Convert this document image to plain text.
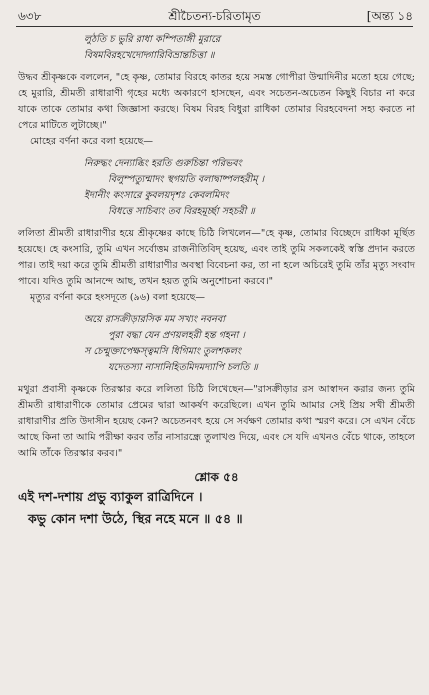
৬৩৮	শ্রীচৈতন্য-চরিতামৃত	[অন্ত্য ১৪

লুঠতি চ ভুরি রাধা কম্পিতাঙ্গী মুরারে

বিষমবিরহখেদোদ্গারিবিভ্রান্তচিত্তা ॥

উদ্ধব শ্রীকৃষ্ণকে বললেন, "হে কৃষ্ণ, তোমার বিরহে কাতর হয়ে সমস্ত গোপীরা উন্মাদিনীর মতো হয়ে গেছে; হে মুরারি, শ্রীমতী রাধারাণী গৃহের মধ্যে অকারণে হাসছেন, এবং সচেতন-অচেতন কিছুই বিচার না করে যাকে তাকে তোমার কথা জিজ্ঞাসা করছে। বিষম বিরহ বিধুরা রাধিকা তোমার বিরহবেদনা সহ্য করতে না পেরে মাটিতে লুটাচ্ছে।"

মোহের বর্ণনা করে বলা হয়েছে—

নিরুদ্ধং দেন্যাব্ধিং হরতি গুরুচিন্তা পরিভবং

বিলুম্পত্যুন্মাদং স্থগয়তি বলাদ্বাষ্পলহরীম্ ।

ইদানীং কংসারে কুবলয়দৃশঃ কেবলমিদং

বিধত্তে সাচিব্যং তব বিরহমূর্চ্ছা সহচরী ॥

ললিতা শ্রীমতী রাধারাণীর হয়ে শ্রীকৃষ্ণের কাছে চিঠি লিখলেন—"হে কৃষ্ণ, তোমার বিচ্ছেদে রাধিকা মূর্ছিত হয়েছে। হে কংসারি, তুমি এখন সর্বোত্তম রাজনীতিবিদ্ হয়েছ, এবং তাই তুমি সকলকেই স্বস্তি প্রদান করতে পার। তাই দয়া করে তুমি শ্রীমতী রাধারাণীর অবস্থা বিবেচনা কর, তা না হলে অচিরেই তুমি তাঁর মৃত্যু সংবাদ পাবে। যদিও তুমি আনন্দে আছ, তখন হয়ত তুমি অনুশোচনা করবে।"

মৃত্যুর বর্ণনা করে হংসদূতে (৯৬) বলা হয়েছে—

অয়ে রাসক্রীড়ারসিক মম সখ্যং নবনবা

পুরা বদ্ধা যেন প্রণয়লহরী হন্ত গহনা ।

স চেন্মুক্তাপেক্ষস্ত্বমসি ধিগিমাং তুলশকলং

যদেতস্যা নাসানিহিতমিদমদ্যাপি চলতি ॥

মথুরা প্রবাসী কৃষ্ণকে তিরস্কার করে ললিতা চিঠি লিখেছেন—"রাসক্রীড়ার রস আস্বাদন করার জন্য তুমি শ্রীমতী রাধারাণীকে তোমার প্রেমের দ্বারা আকর্ষণ করেছিলে। এখন তুমি আমার সেই প্রিয় সখী শ্রীমতী রাধারাণীর প্রতি উদাসীন হয়েছ কেন? অচেতনবৎ হয়ে সে সর্বক্ষণ তোমার কথা স্মরণ করে। সে এখন বেঁচে আছে কিনা তা আমি পরীক্ষা করব তাঁর নাসারন্ধ্রে তুলাখণ্ড দিয়ে, এবং সে যদি এখনও বেঁচে থাকে, তাহলে আমি তাঁকে তিরস্কার করব।"

শ্লোক ৫৪

এই দশ-দশায় প্রভু ব্যাকুল রাত্রিদিনে ।

কভু কোন দশা উঠে, স্থির নহে মনে ॥ ৫৪ ॥
